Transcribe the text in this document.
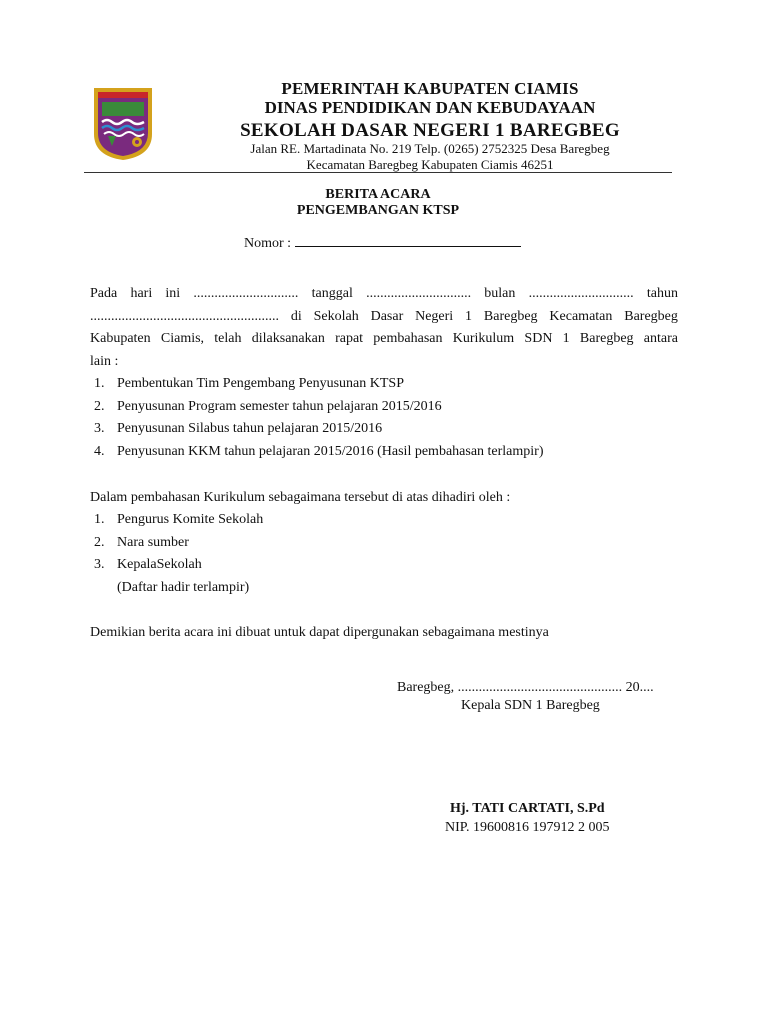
PEMERINTAH KABUPATEN CIAMIS
DINAS PENDIDIKAN DAN KEBUDAYAAN
SEKOLAH DASAR NEGERI 1 BAREGBEG
Jalan RE. Martadinata No. 219 Telp. (0265) 2752325 Desa Baregbeg
Kecamatan Baregbeg Kabupaten Ciamis 46251
BERITA ACARA
PENGEMBANGAN KTSP
Nomor :
Pada hari ini .............................. tanggal .............................. bulan .............................. tahun
...................................................... di Sekolah Dasar Negeri 1 Baregbeg Kecamatan Baregbeg
Kabupaten Ciamis, telah dilaksanakan rapat pembahasan Kurikulum SDN 1 Baregbeg antara
lain :
1. Pembentukan Tim Pengembang Penyusunan KTSP
2. Penyusunan Program semester tahun pelajaran 2015/2016
3. Penyusunan Silabus tahun pelajaran 2015/2016
4. Penyusunan KKM tahun pelajaran 2015/2016 (Hasil pembahasan terlampir)
Dalam pembahasan Kurikulum sebagaimana tersebut di atas dihadiri oleh :
1. Pengurus Komite Sekolah
2. Nara sumber
3. KepalaSekolah
(Daftar hadir terlampir)
Demikian berita acara ini dibuat untuk dapat dipergunakan sebagaimana mestinya
Baregbeg, ............................................... 20....
Kepala SDN 1 Baregbeg
Hj. TATI CARTATI, S.Pd
NIP. 19600816 197912 2 005
